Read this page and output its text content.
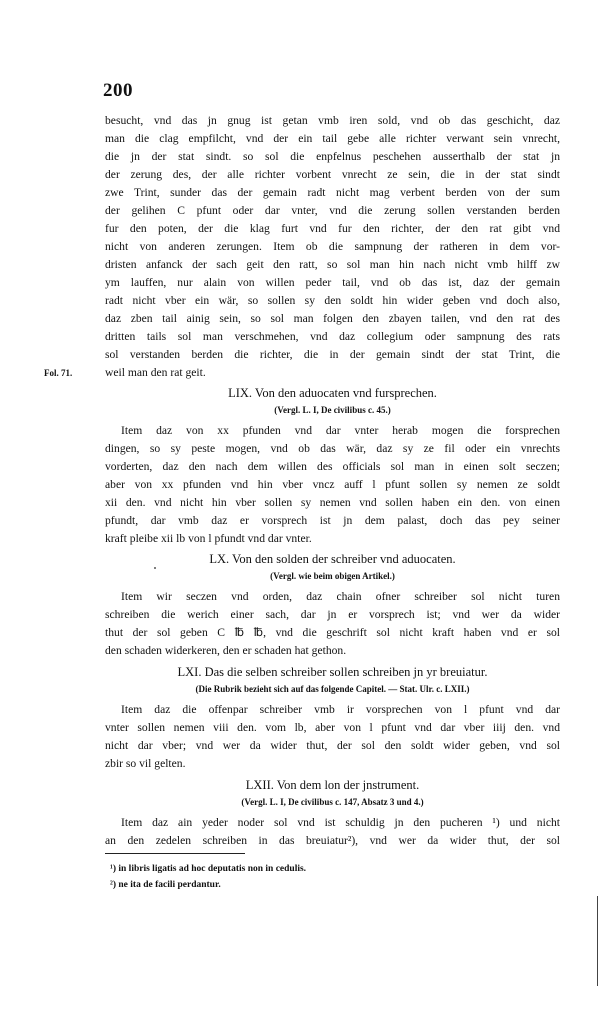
200
besucht, vnd das jn gnug ist getan vmb iren sold, vnd ob das geschicht, daz
man die clag empfilcht, vnd der ein tail gebe alle richter verwant sein vnrecht,
die jn der stat sindt. so sol die enpfelnus peschehen ausserthalb der stat jn
der zerung des, der alle richter vorbent vnrecht ze sein, die in der stat sindt
zwe Trint, sunder das der gemain radt nicht mag verbent berden von der sum
der gelihen C pfunt oder dar vnter, vnd die zerung sollen verstanden berden
fur den poten, der die klag furt vnd fur den richter, der den rat gibt vnd
nicht von anderen zerungen. Item ob die sampnung der ratheren in dem vor-
dristen anfanck der sach geit den ratt, so sol man hin nach nicht vmb hilff zw
ym lauffen, nur alain von willen peder tail, vnd ob das ist, daz der gemain
radt nicht vber ein wär, so sollen sy den soldt hin wider geben vnd doch also,
daz zben tail ainig sein, so sol man folgen den zbayen tailen, vnd den rat des
dritten tails sol man verschmehen, vnd daz collegium oder sampnung des rats
sol verstanden berden die richter, die in der gemain sindt der stat Trint, die
Fol. 71.	weil man den rat geit.
LIX. Von den aduocaten vnd fursprechen.
(Vergl. L. I, De civilibus c. 45.)
Item daz von xx pfunden vnd dar vnter herab mogen die forsprechen
dingen, so sy peste mogen, vnd ob das wär, daz sy ze fil oder ein vnrechts
vorderten, daz den nach dem willen des officials sol man in einen solt seczen;
aber von xx pfunden vnd hin vber vncz auff l pfunt sollen sy nemen ze soldt
xii den. vnd nicht hin vber sollen sy nemen vnd sollen haben ein den. von einen
pfundt, dar vmb daz er vorsprech ist jn dem palast, doch das pey seiner
kraft pleibe xii lb von l pfundt vnd dar vnter.
LX. Von den solden der schreiber vnd aduocaten.
(Vergl. wie beim obigen Artikel.)
Item wir seczen vnd orden, daz chain ofner schreiber sol nicht turen
schreiben die werich einer sach, dar jn er vorsprech ist; vnd wer da wider
thut der sol geben C ℔ ℔, vnd die geschrift sol nicht kraft haben vnd er sol
den schaden widerkeren, den er schaden hat gethon.
LXI. Das die selben schreiber sollen schreiben jn yr breuiatur.
(Die Rubrik bezieht sich auf das folgende Capitel. — Stat. Ulr. c. LXII.)
Item daz die offenpar schreiber vmb ir vorsprechen von l pfunt vnd dar
vnter sollen nemen viii den. vom lb, aber von l pfunt vnd dar vber iiij den. vnd
nicht dar vber; vnd wer da wider thut, der sol den soldt wider geben, vnd sol
zbir so vil gelten.
LXII. Von dem lon der jnstrument.
(Vergl. L. I, De civilibus c. 147, Absatz 3 und 4.)
Item daz ain yeder noder sol vnd ist schuldig jn den pucheren ¹) und nicht
an den zedelen schreiben in das breuiatur²), vnd wer da wider thut, der sol
¹) in libris ligatis ad hoc deputatis non in cedulis.
²) ne ita de facili perdantur.
